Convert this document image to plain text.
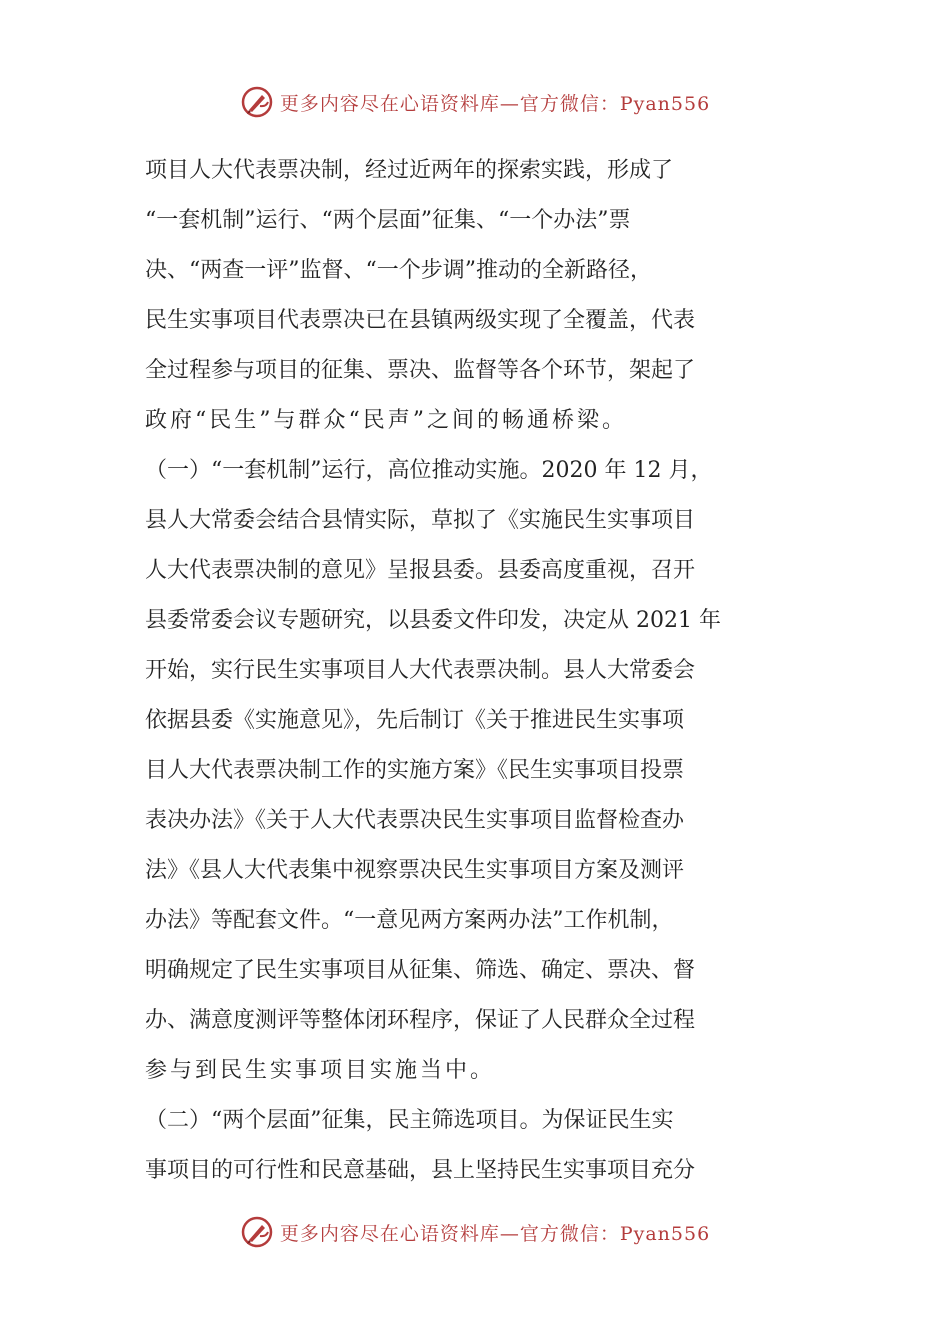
更多内容尽在心语资料库—官方微信：Pyan556
项目人大代表票决制，经过近两年的探索实践，形成了
“一套机制”运行、“两个层面”征集、“一个办法”票
决、“两查一评”监督、“一个步调”推动的全新路径，
民生实事项目代表票决已在县镇两级实现了全覆盖，代表
全过程参与项目的征集、票决、监督等各个环节，架起了
政府“民生”与群众“民声”之间的畅通桥梁。
（一）“一套机制”运行，高位推动实施。2020 年 12 月，
县人大常委会结合县情实际，草拟了《实施民生实事项目
人大代表票决制的意见》呈报县委。县委高度重视，召开
县委常委会议专题研究，以县委文件印发，决定从 2021 年
开始，实行民生实事项目人大代表票决制。县人大常委会
依据县委《实施意见》，先后制订《关于推进民生实事项
目人大代表票决制工作的实施方案》《民生实事项目投票
表决办法》《关于人大代表票决民生实事项目监督检查办
法》《县人大代表集中视察票决民生实事项目方案及测评
办法》等配套文件。“一意见两方案两办法”工作机制，
明确规定了民生实事项目从征集、筛选、确定、票决、督
办、满意度测评等整体闭环程序，保证了人民群众全过程
参与到民生实事项目实施当中。
（二）“两个层面”征集，民主筛选项目。为保证民生实
事项目的可行性和民意基础，县上坚持民生实事项目充分
更多内容尽在心语资料库—官方微信：Pyan556
